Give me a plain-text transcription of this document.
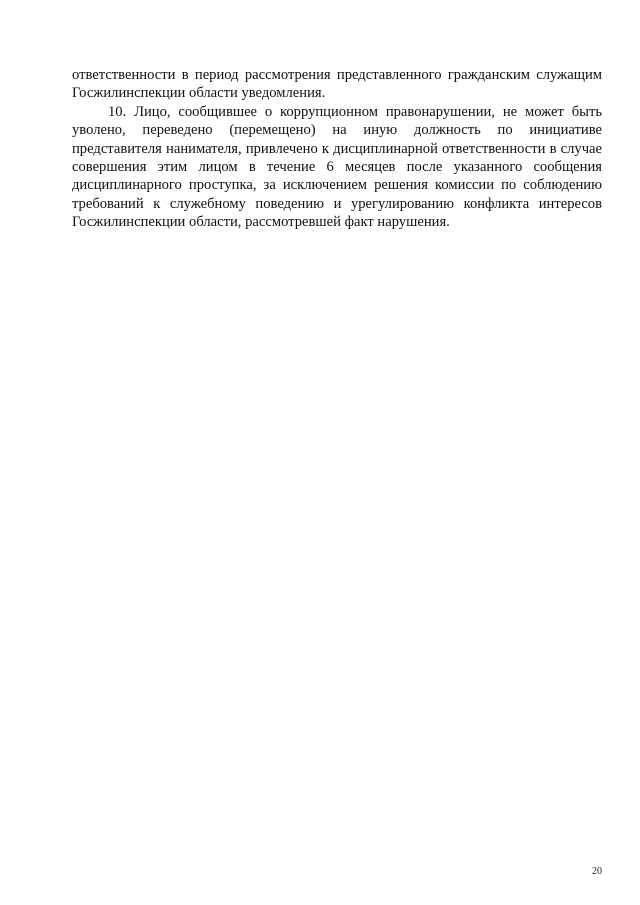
ответственности в период рассмотрения представленного гражданским служащим Госжилинспекции области уведомления.

10. Лицо, сообщившее о коррупционном правонарушении, не может быть уволено, переведено (перемещено) на иную должность по инициативе представителя нанимателя, привлечено к дисциплинарной ответственности в случае совершения этим лицом в течение 6 месяцев после указанного сообщения дисциплинарного проступка, за исключением решения комиссии по соблюдению требований к служебному поведению и урегулированию конфликта интересов Госжилинспекции области, рассмотревшей факт нарушения.

20
